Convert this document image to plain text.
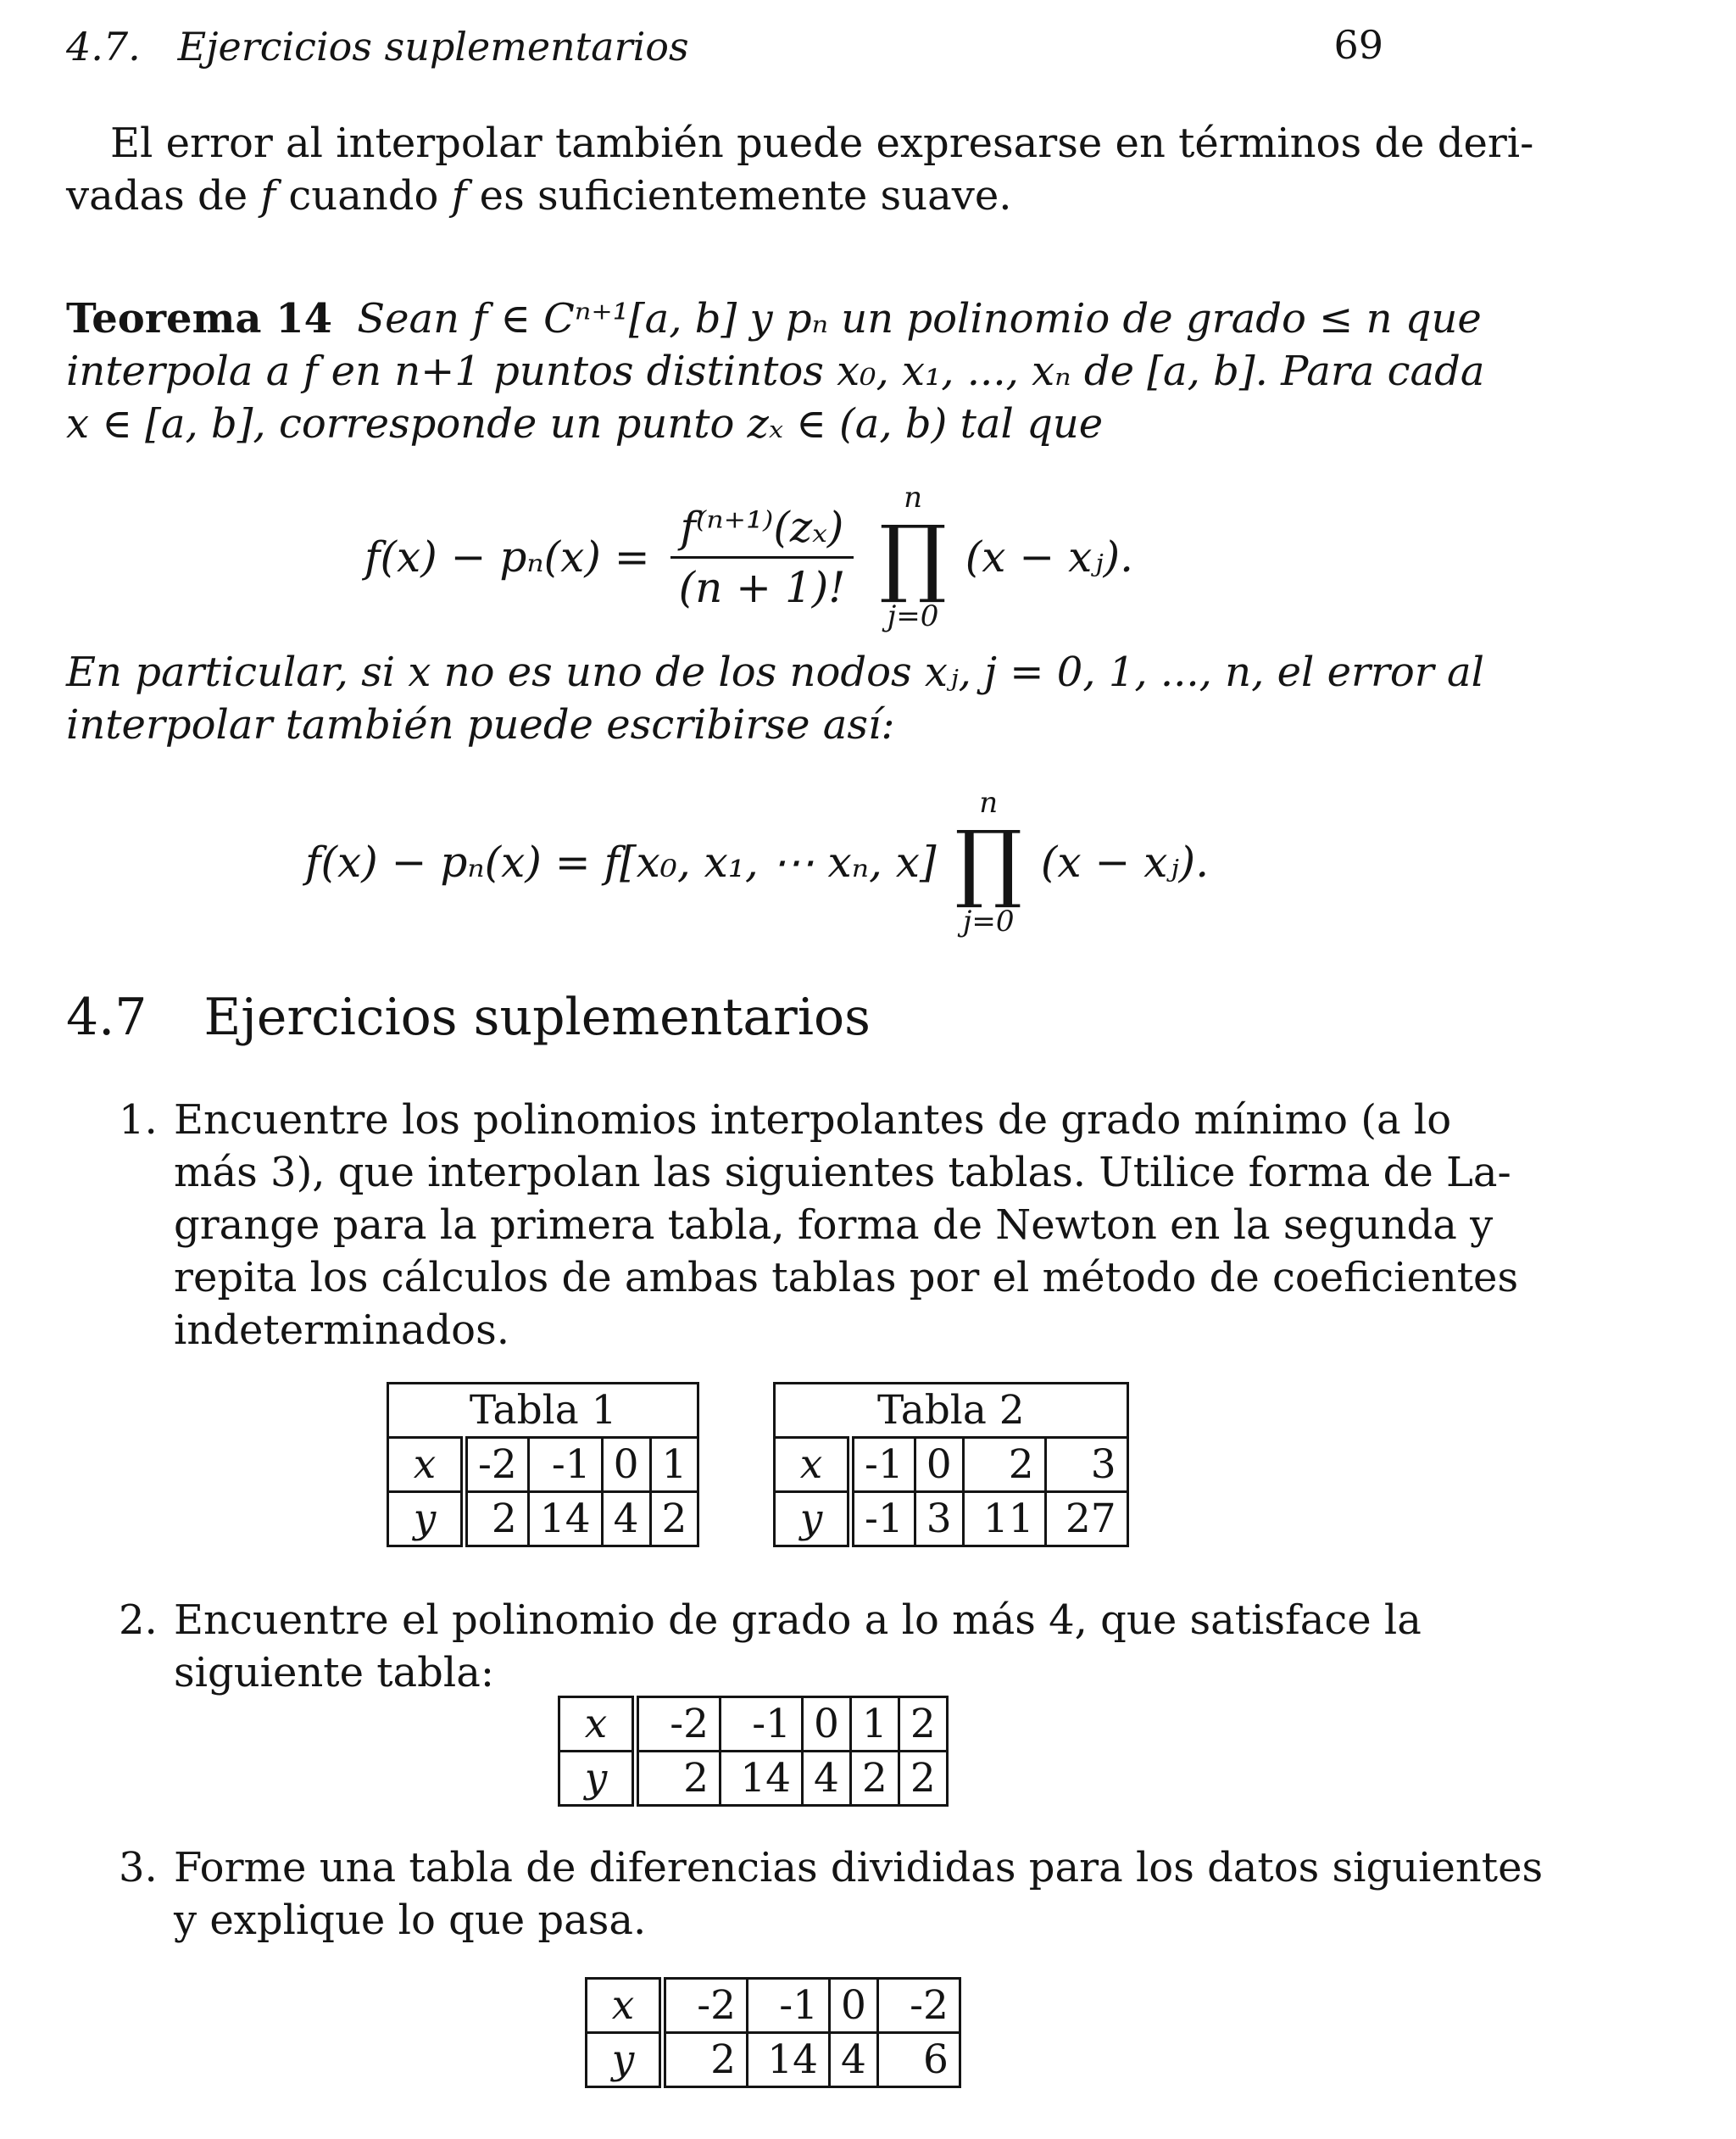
4.7. Ejercicios suplementarios	69
El error al interpolar también puede expresarse en términos de deri-
vadas de f cuando f es suficientemente suave.
Teorema 14 Sean f ∈ Cⁿ⁺¹[a, b] y pₙ un polinomio de grado ≤ n que
interpola a f en n+1 puntos distintos x₀, x₁, ..., xₙ de [a, b]. Para cada
x ∈ [a, b], corresponde un punto zₓ ∈ (a, b) tal que
$f(x) - p_n(x) = \frac{\text{f⁽ⁿ⁺¹⁾(zₓ)}}{(n + 1)!}$

n
∏
j=0
(x − xⱼ).
En particular, si x no es uno de los nodos xⱼ, j = 0, 1, ..., n, el error al
interpolar también puede escribirse así:
f(x) − pₙ(x) = f[x₀, x₁, ⋯ xₙ, x]
n
∏
j=0
(x − xⱼ).
4.7 Ejercicios suplementarios
1. Encuentre los polinomios interpolantes de grado mínimo (a lo
más 3), que interpolan las siguientes tablas. Utilice forma de La-
grange para la primera tabla, forma de Newton en la segunda y
repita los cálculos de ambas tablas por el método de coeficientes
indeterminados.
Tabla 1				
x	-2	-1	0	1
y	2	14	4	2
Tabla 2				
x	-1	0	2	3
y	-1	3	11	27
2. Encuentre el polinomio de grado a lo más 4, que satisface la
siguiente tabla:
x	-2	-1	0	1	2
y	2	14	4	2	2
3. Forme una tabla de diferencias divididas para los datos siguientes
y explique lo que pasa.
x	-2	-1	0	-2
y	2	14	4	6
